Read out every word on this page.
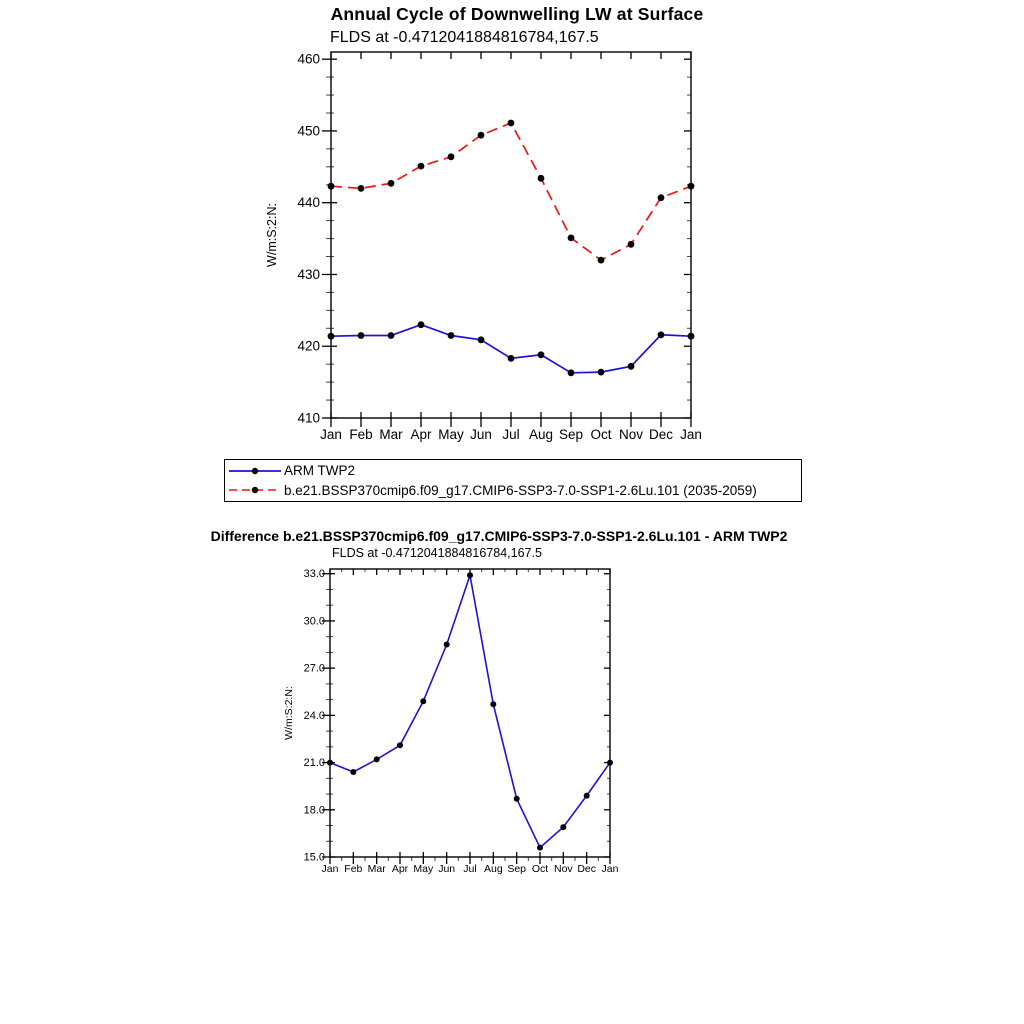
Annual Cycle of Downwelling LW at Surface
FLDS at -0.4712041884816784,167.5
W/m:S:2:N:
410
420
430
440
450
460
Jan Feb Mar Apr May Jun Jul Aug Sep Oct Nov Dec Jan
15.0
18.0
21.0
24.0
27.0
30.0
33.0
Jan Feb Mar Apr May Jun Jul Aug Sep Oct Nov Dec Jan
ARM TWP2
b.e21.BSSP370cmip6.f09_g17.CMIP6-SSP3-7.0-SSP1-2.6Lu.101 (2035-2059)
Difference b.e21.BSSP370cmip6.f09_g17.CMIP6-SSP3-7.0-SSP1-2.6Lu.101 - ARM TWP2
FLDS at -0.4712041884816784,167.5
W/m:S:2:N:
